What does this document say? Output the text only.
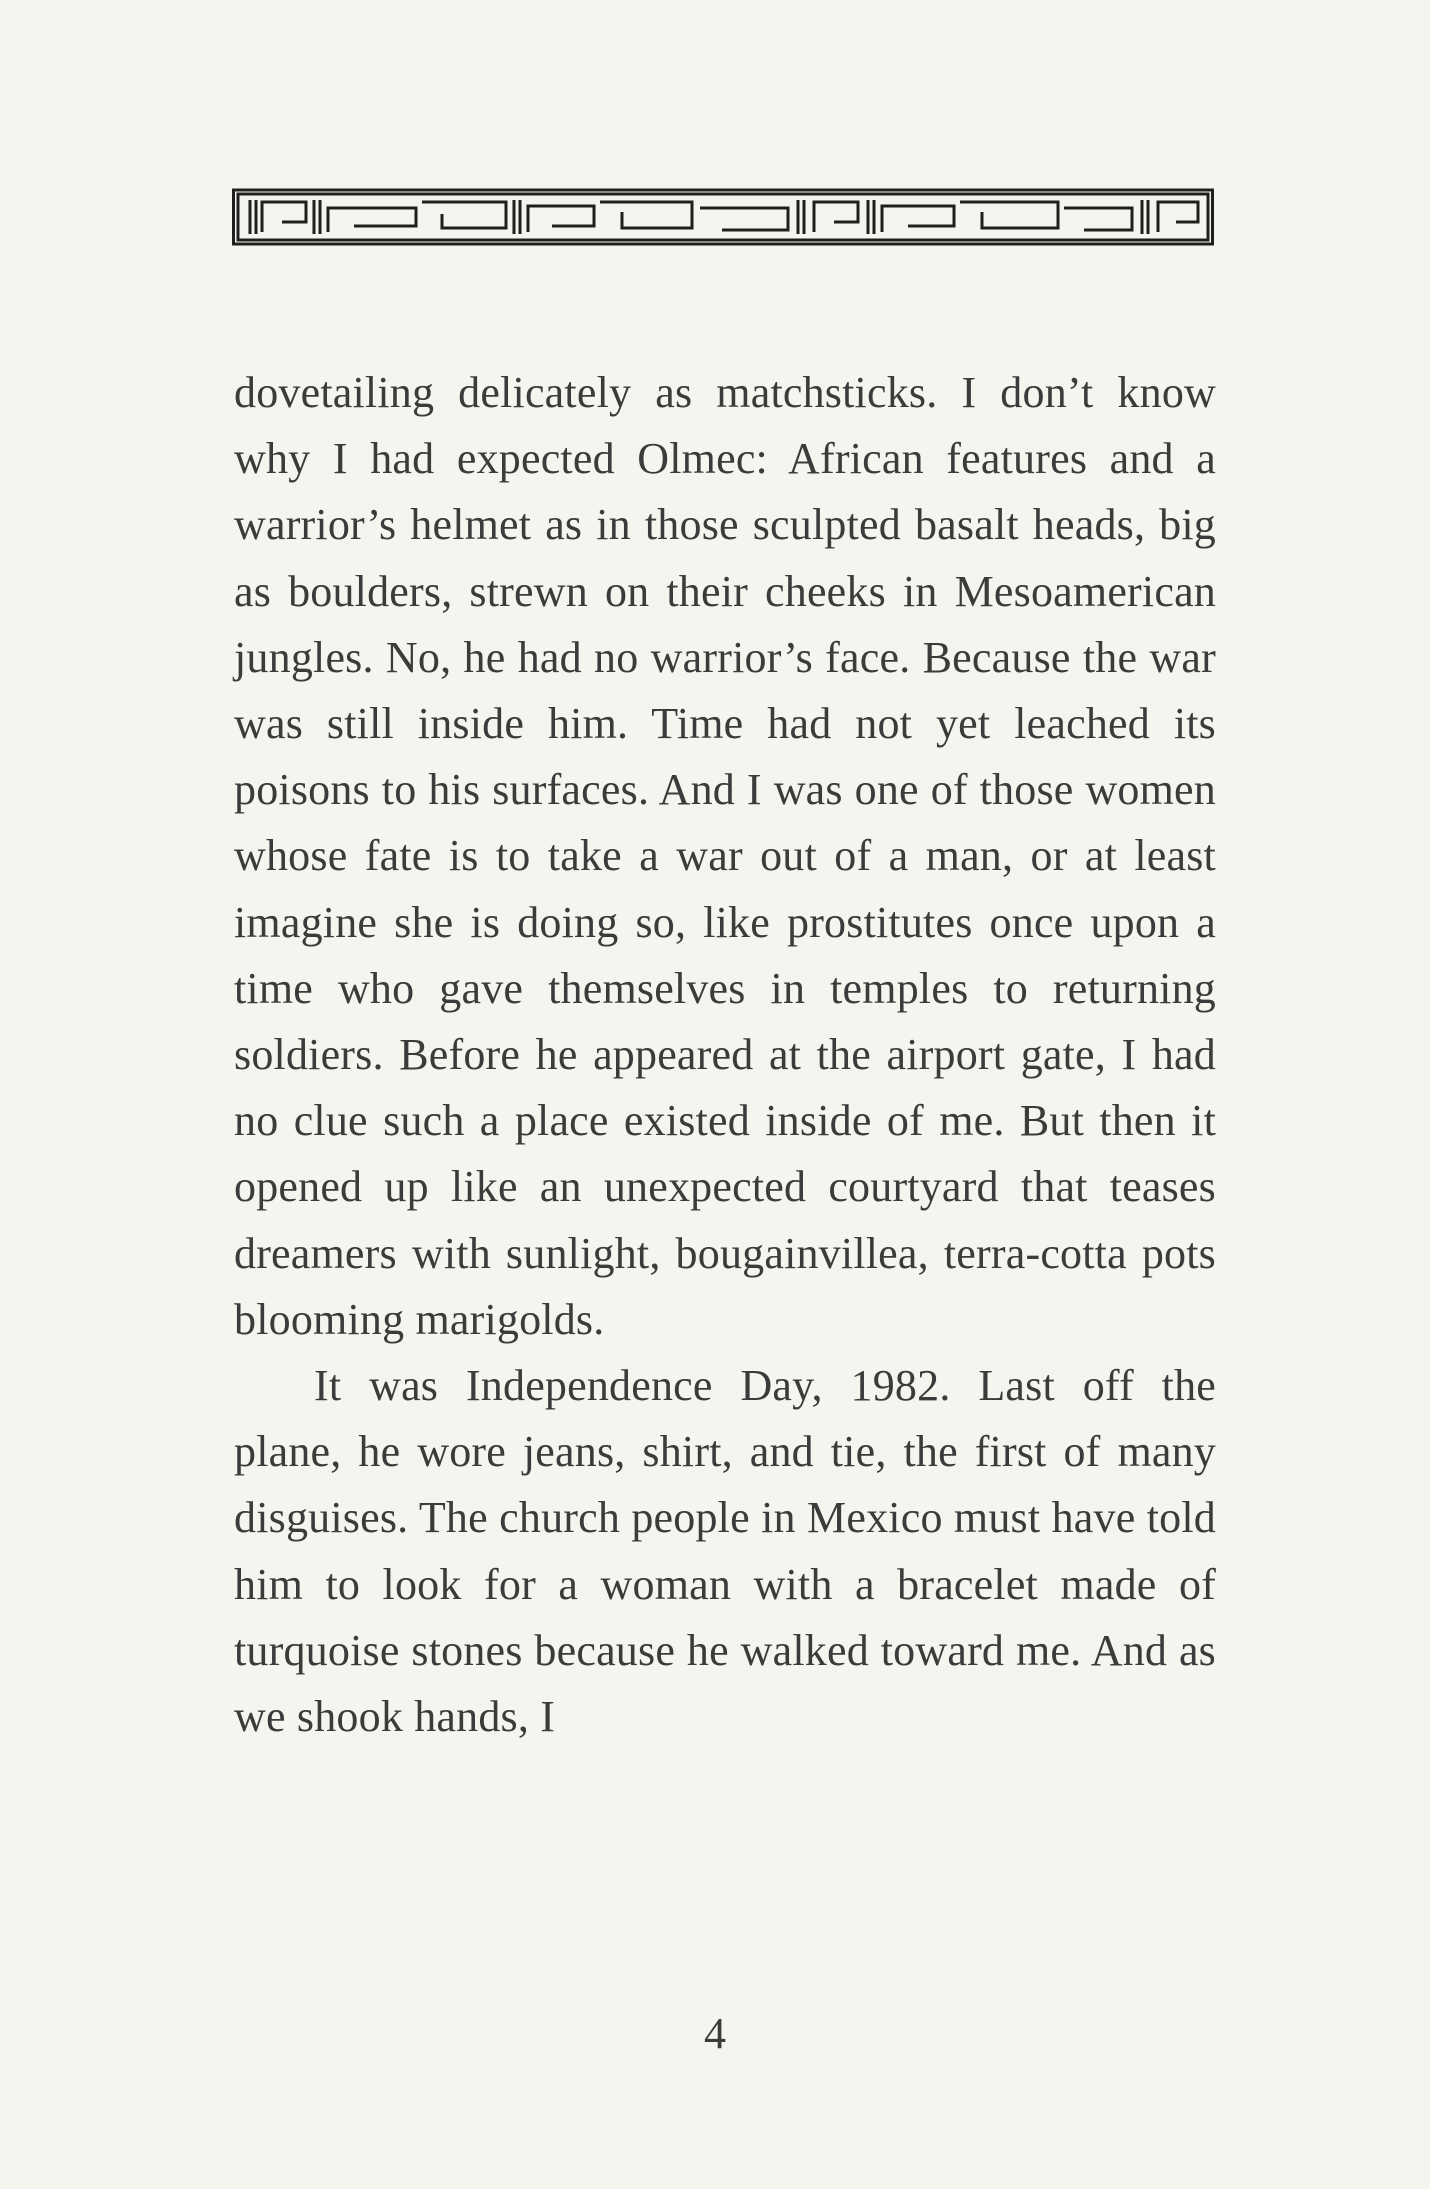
dovetailing delicately as matchsticks. I don’t know why I had expected Olmec: African features and a warrior’s helmet as in those sculpted basalt heads, big as boulders, strewn on their cheeks in Mesoamerican jungles. No, he had no warrior’s face. Because the war was still inside him. Time had not yet leached its poisons to his surfaces. And I was one of those women whose fate is to take a war out of a man, or at least imagine she is doing so, like prostitutes once upon a time who gave themselves in temples to returning soldiers. Before he appeared at the airport gate, I had no clue such a place existed inside of me. But then it opened up like an unexpected courtyard that teases dreamers with sunlight, bougainvillea, terra-cotta pots blooming marigolds.

It was Independence Day, 1982. Last off the plane, he wore jeans, shirt, and tie, the first of many disguises. The church people in Mexico must have told him to look for a woman with a bracelet made of turquoise stones because he walked toward me. And as we shook hands, I

4
